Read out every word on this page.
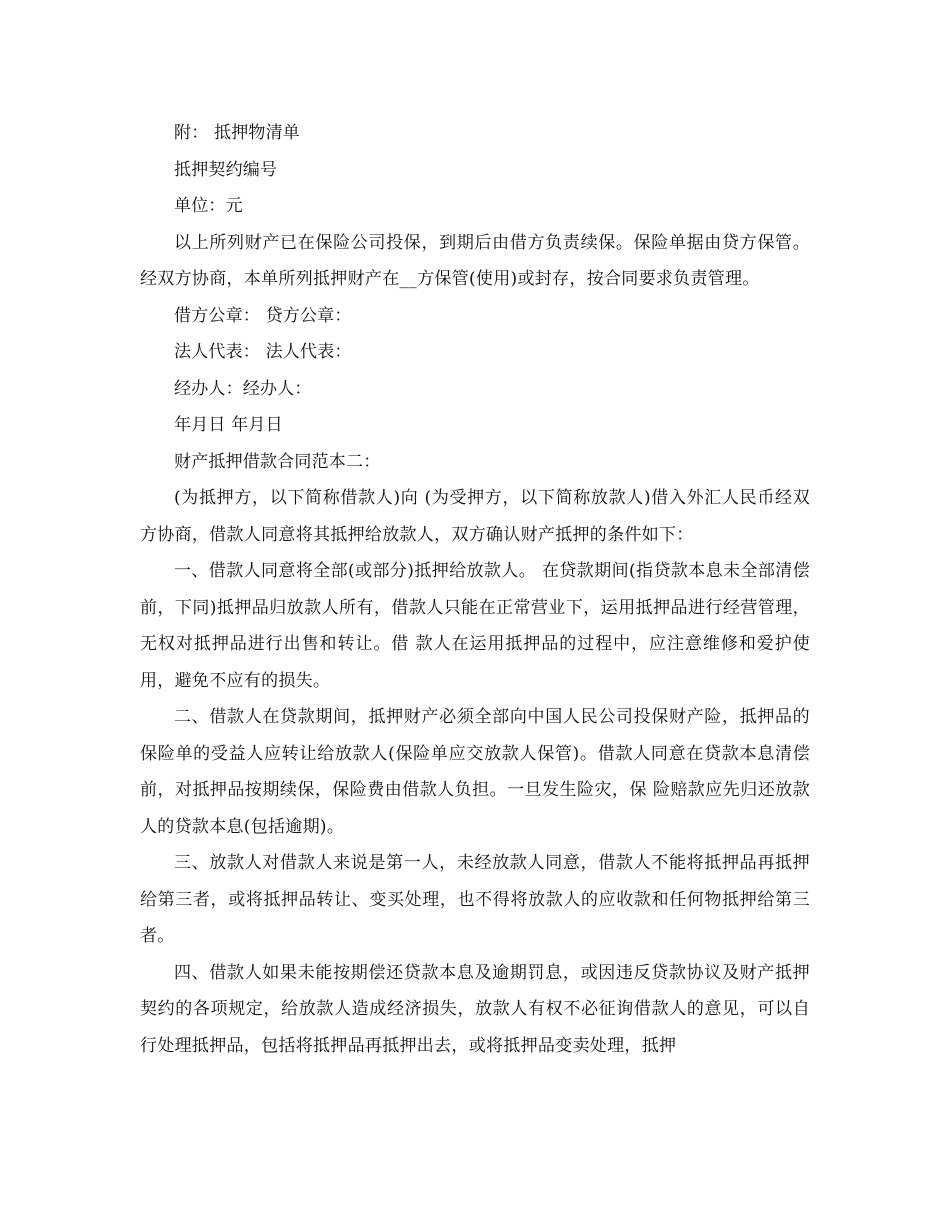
附： 抵押物清单

抵押契约编号

单位：元

以上所列财产已在保险公司投保，到期后由借方负责续保。保险单据由贷方保管。经双方协商，本单所列抵押财产在__方保管(使用)或封存，按合同要求负责管理。

借方公章： 贷方公章：

法人代表： 法人代表：

经办人：经办人：

年月日 年月日

财产抵押借款合同范本二：

(为抵押方，以下简称借款人)向 (为受押方，以下简称放款人)借入外汇人民币经双 方协商，借款人同意将其抵押给放款人，双方确认财产抵押的条件如下：

一、借款人同意将全部(或部分)抵押给放款人。 在贷款期间(指贷款本息未全部清偿前，下同)抵押品归放款人所有，借款人只能在正常营业下，运用抵押品进行经营管理，无权对抵押品进行出售和转让。借 款人在运用抵押品的过程中，应注意维修和爱护使用，避免不应有的损失。

二、借款人在贷款期间，抵押财产必须全部向中国人民公司投保财产险，抵押品的保险单的受益人应转让给放款人(保险单应交放款人保管)。借款人同意在贷款本息清偿前，对抵押品按期续保，保险费由借款人负担。一旦发生险灾，保 险赔款应先归还放款人的贷款本息(包括逾期)。

三、放款人对借款人来说是第一人，未经放款人同意，借款人不能将抵押品再抵押给第三者，或将抵押品转让、变买处理，也不得将放款人的应收款和任何物抵押给第三者。

四、借款人如果未能按期偿还贷款本息及逾期罚息，或因违反贷款协议及财产抵押契约的各项规定，给放款人造成经济损失，放款人有权不必征询借款人的意见，可以自行处理抵押品，包括将抵押品再抵押出去，或将抵押品变卖处理，抵押
